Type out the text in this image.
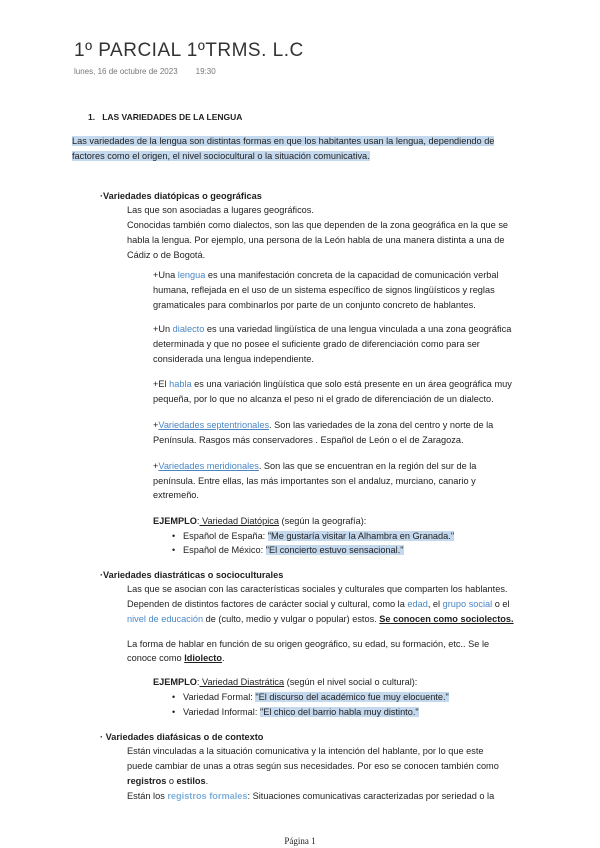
1º PARCIAL 1ºTRMS. L.C
lunes, 16 de octubre de 2023 19:30
1. LAS VARIEDADES DE LA LENGUA
Las variedades de la lengua son distintas formas en que los habitantes usan la lengua, dependiendo de
factores como el origen, el nivel sociocultural o la situación comunicativa.
·Variedades diatópicas o geográficas
Las que son asociadas a lugares geográficos.
Conocidas también como dialectos, son las que dependen de la zona geográfica en la que se
habla la lengua. Por ejemplo, una persona de la León habla de una manera distinta a una de
Cádiz o de Bogotá.
+Una lengua es una manifestación concreta de la capacidad de comunicación verbal
humana, reflejada en el uso de un sistema específico de signos lingüísticos y reglas
gramaticales para combinarlos por parte de un conjunto concreto de hablantes.
+Un dialecto es una variedad lingüística de una lengua vinculada a una zona geográfica
determinada y que no posee el suficiente grado de diferenciación como para ser
considerada una lengua independiente.
+El habla es una variación lingüística que solo está presente en un área geográfica muy
pequeña, por lo que no alcanza el peso ni el grado de diferenciación de un dialecto.
+Variedades septentrionales. Son las variedades de la zona del centro y norte de la
Península. Rasgos más conservadores . Español de León o el de Zaragoza.
+Variedades meridionales. Son las que se encuentran en la región del sur de la
península. Entre ellas, las más importantes son el andaluz, murciano, canario y
extremeño.
EJEMPLO: Variedad Diatópica (según la geografía):
• Español de España: "Me gustaría visitar la Alhambra en Granada."
• Español de México: "El concierto estuvo sensacional."
·Variedades diastráticas o socioculturales
Las que se asocian con las características sociales y culturales que comparten los hablantes.
Dependen de distintos factores de carácter social y cultural, como la edad, el grupo social o el
nivel de educación de (culto, medio y vulgar o popular) estos. Se conocen como sociolectos.
La forma de hablar en función de su origen geográfico, su edad, su formación, etc.. Se le
conoce como Idiolecto.
EJEMPLO: Variedad Diastrática (según el nivel social o cultural):
• Variedad Formal: "El discurso del académico fue muy elocuente."
• Variedad Informal: "El chico del barrio habla muy distinto."
· Variedades diafásicas o de contexto
Están vinculadas a la situación comunicativa y la intención del hablante, por lo que este
puede cambiar de unas a otras según sus necesidades. Por eso se conocen también como
registros o estilos.
Están los registros formales: Situaciones comunicativas caracterizadas por seriedad o la
Página 1
